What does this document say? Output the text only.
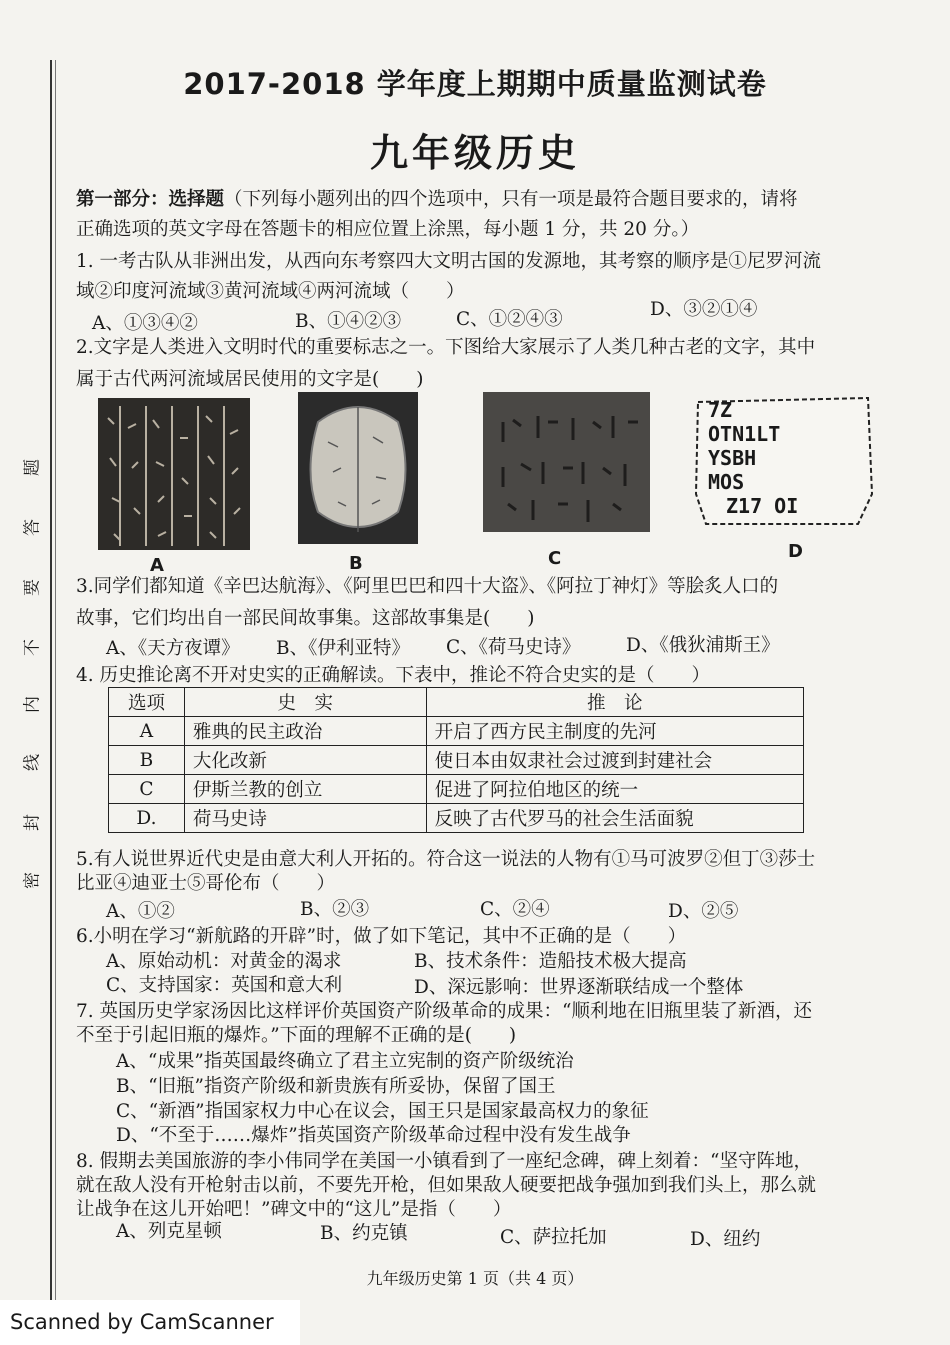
题
答
要
不
内
线
封
密
2017-2018 学年度上期期中质量监测试卷
九年级历史
第一部分：选择题（下列每小题列出的四个选项中，只有一项是最符合题目要求的，请将
正确选项的英文字母在答题卡的相应位置上涂黑，每小题 1 分，共 20 分。）
1. 一考古队从非洲出发，从西向东考察四大文明古国的发源地，其考察的顺序是①尼罗河流
域②印度河流域③黄河流域④两河流域（　　）
A、①③④②	B、①④②③	C、①②④③	D、③②①④
2.文字是人类进入文明时代的重要标志之一。下图给大家展示了人类几种古老的文字，其中
属于古代两河流域居民使用的文字是(　　)
A	B	C
7Z
OTN1LT
YSBH
MOS
Z17 OI
D
3.同学们都知道《辛巴达航海》、《阿里巴巴和四十大盗》、《阿拉丁神灯》等脍炙人口的
故事，它们均出自一部民间故事集。这部故事集是(　　)
A、《天方夜谭》 B、《伊利亚特》 C、《荷马史诗》 D、《俄狄浦斯王》
4. 历史推论离不开对史实的正确解读。下表中，推论不符合史实的是（　　）
选项	史　实	推　论
A	雅典的民主政治	开启了西方民主制度的先河
B	大化改新	使日本由奴隶社会过渡到封建社会
C	伊斯兰教的创立	促进了阿拉伯地区的统一
D.	荷马史诗	反映了古代罗马的社会生活面貌
5.有人说世界近代史是由意大利人开拓的。符合这一说法的人物有①马可波罗②但丁③莎士
比亚④迪亚士⑤哥伦布（　　）
A、①②	B、②③	C、②④	D、②⑤
6.小明在学习“新航路的开辟”时，做了如下笔记，其中不正确的是（　　）
A、原始动机：对黄金的渴求	B、技术条件：造船技术极大提高
C、支持国家：英国和意大利	D、深远影响：世界逐渐联结成一个整体
7. 英国历史学家汤因比这样评价英国资产阶级革命的成果：“顺利地在旧瓶里装了新酒，还
不至于引起旧瓶的爆炸。”下面的理解不正确的是(　　)
A、“成果”指英国最终确立了君主立宪制的资产阶级统治
B、“旧瓶”指资产阶级和新贵族有所妥协，保留了国王
C、“新酒”指国家权力中心在议会，国王只是国家最高权力的象征
D、“不至于……爆炸”指英国资产阶级革命过程中没有发生战争
8. 假期去美国旅游的李小伟同学在美国一小镇看到了一座纪念碑，碑上刻着：“坚守阵地，
就在敌人没有开枪射击以前，不要先开枪，但如果敌人硬要把战争强加到我们头上，那么就
让战争在这儿开始吧！”碑文中的“这儿”是指（　　）
A、列克星顿	B、约克镇	C、萨拉托加	D、纽约
九年级历史第 1 页（共 4 页）
Scanned by CamScanner
